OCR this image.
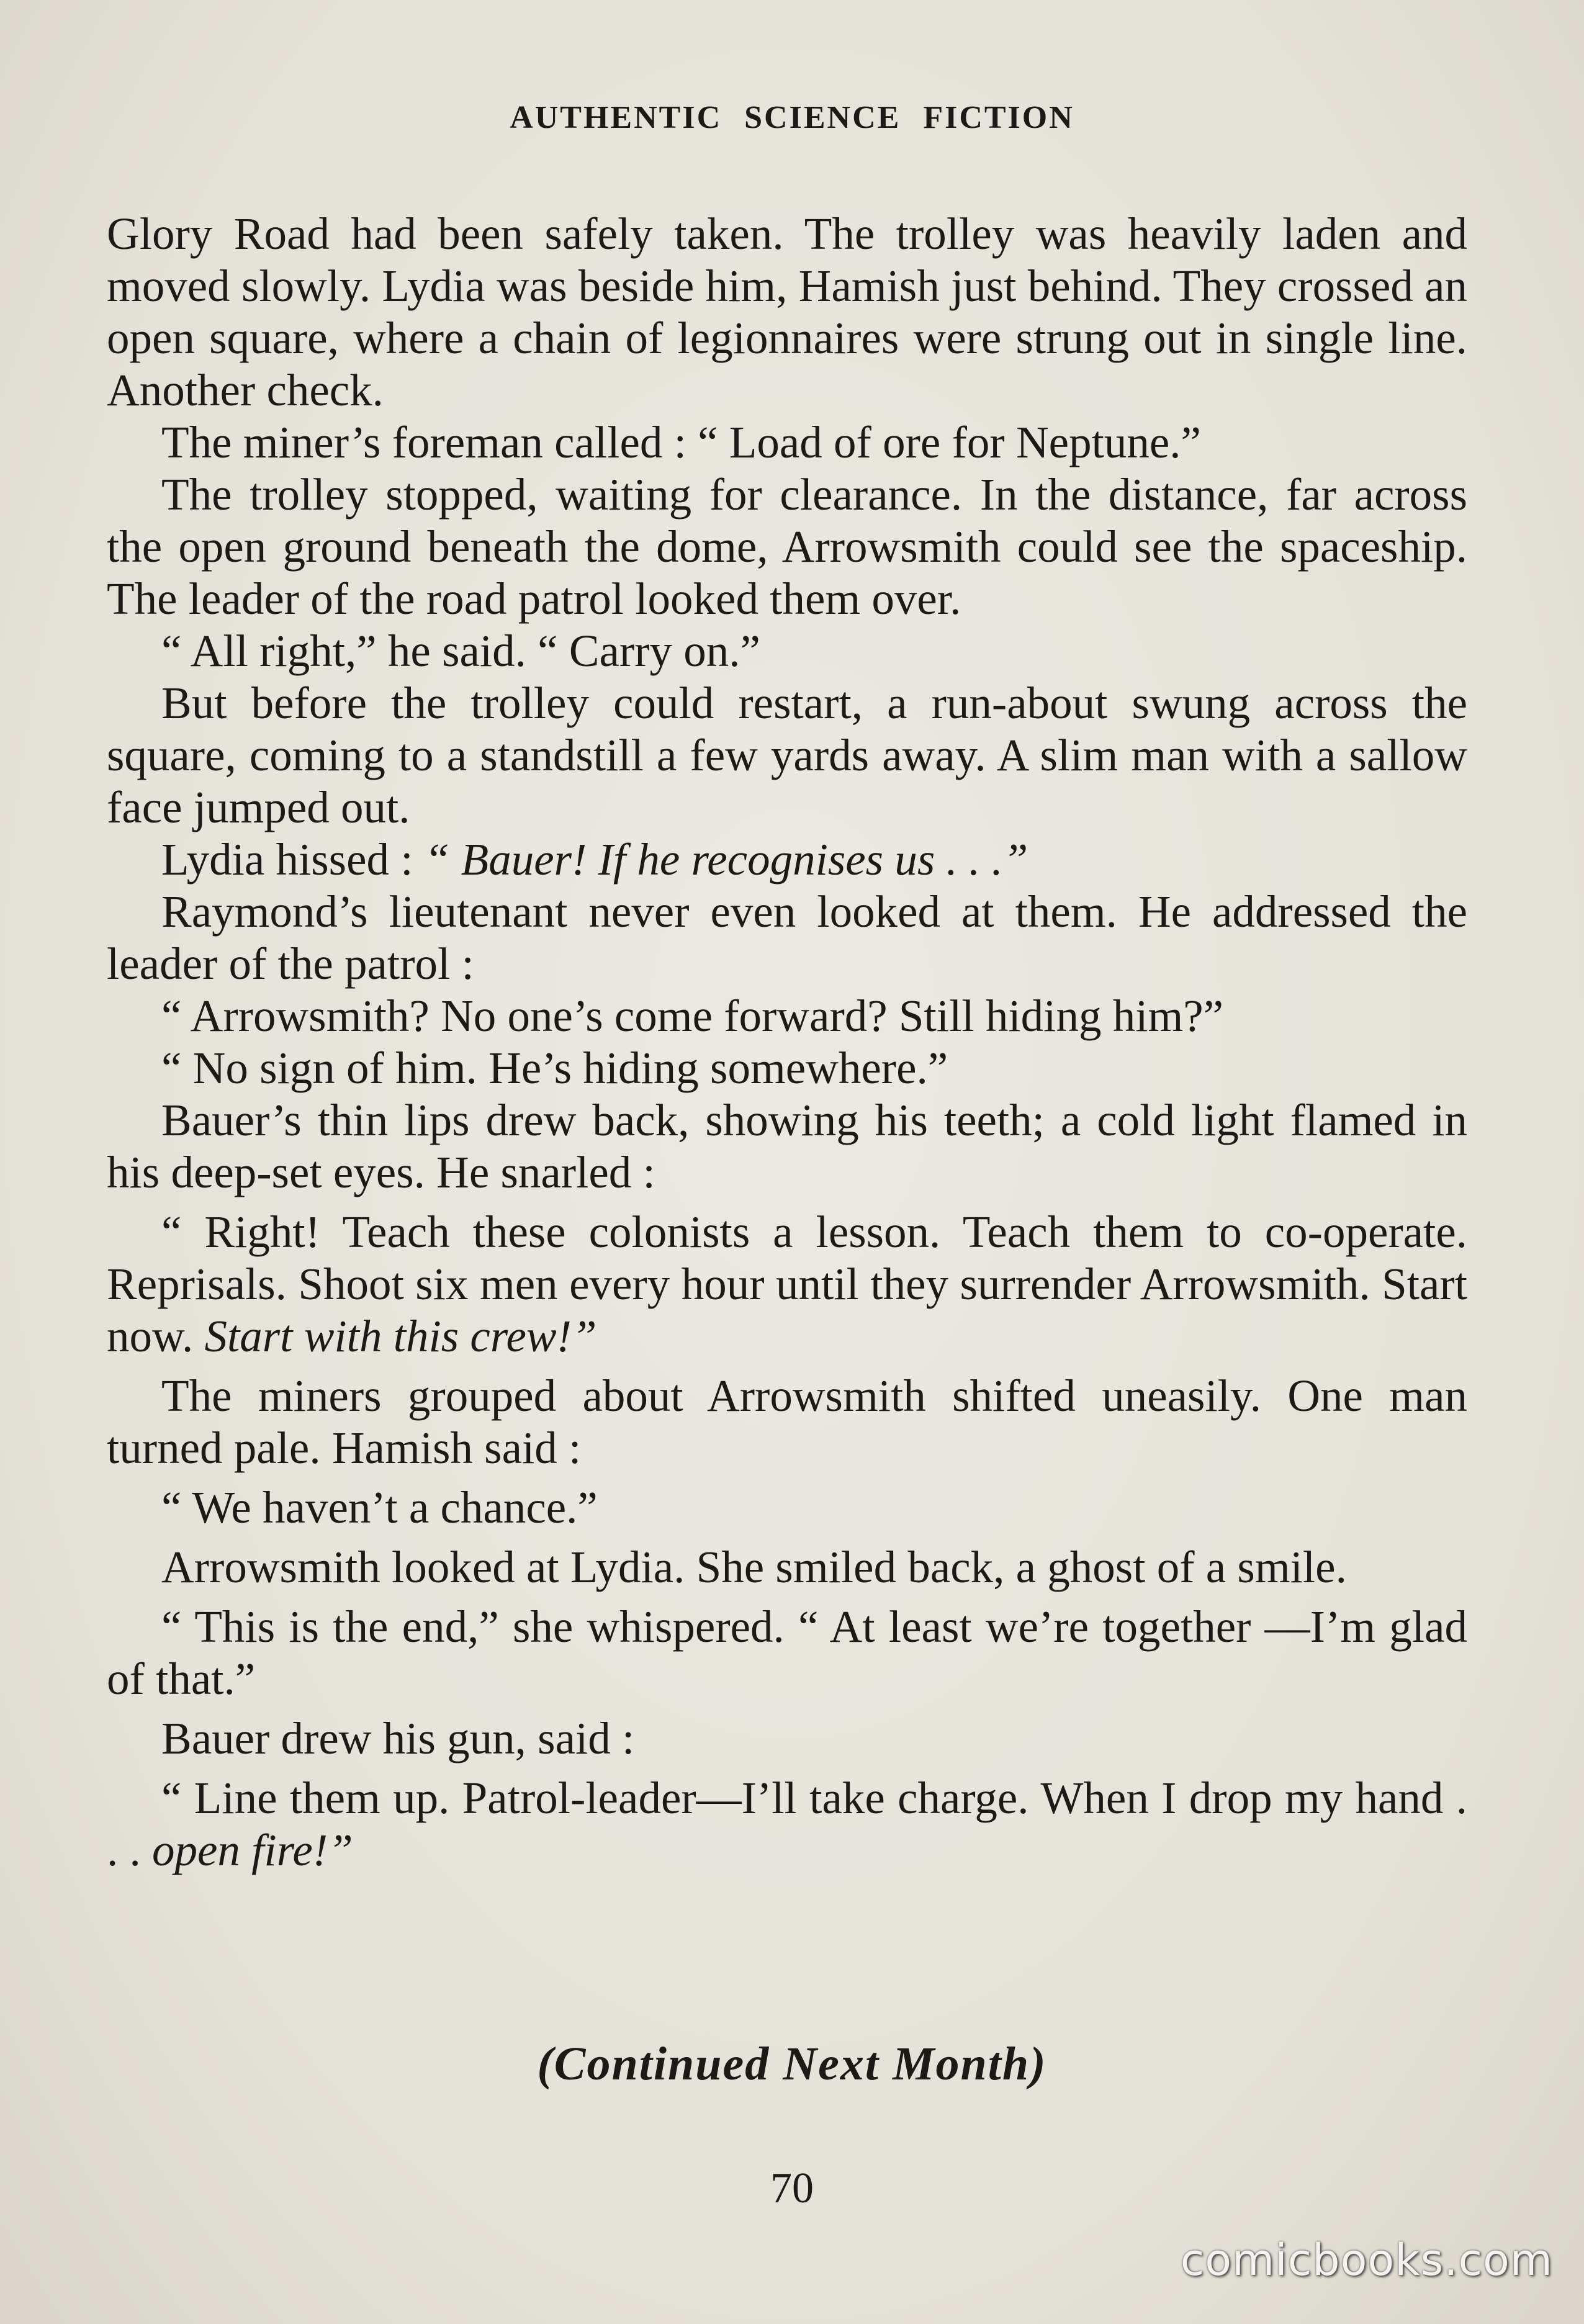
AUTHENTIC SCIENCE FICTION

Glory Road had been safely taken. The trolley was heavily laden and moved slowly. Lydia was beside him, Hamish just behind. They crossed an open square, where a chain of legionnaires were strung out in single line. Another check.

The miner’s foreman called : “ Load of ore for Neptune.”

The trolley stopped, waiting for clearance. In the distance, far across the open ground beneath the dome, Arrowsmith could see the spaceship. The leader of the road patrol looked them over.

“ All right,” he said. “ Carry on.”

But before the trolley could restart, a run-about swung across the square, coming to a standstill a few yards away. A slim man with a sallow face jumped out.

Lydia hissed : “ Bauer! If he recognises us . . .”

Raymond’s lieutenant never even looked at them. He addressed the leader of the patrol :

“ Arrowsmith? No one’s come forward? Still hiding him?”

“ No sign of him. He’s hiding somewhere.”

Bauer’s thin lips drew back, showing his teeth; a cold light flamed in his deep-set eyes. He snarled :

“ Right! Teach these colonists a lesson. Teach them to co-operate. Reprisals. Shoot six men every hour until they surrender Arrowsmith. Start now. Start with this crew!”

The miners grouped about Arrowsmith shifted uneasily. One man turned pale. Hamish said :

“ We haven’t a chance.”

Arrowsmith looked at Lydia. She smiled back, a ghost of a smile.

“ This is the end,” she whispered. “ At least we’re together —I’m glad of that.”

Bauer drew his gun, said :

“ Line them up. Patrol-leader—I’ll take charge. When I drop my hand . . . open fire!”

(Continued Next Month)
70
comicbooks.com
